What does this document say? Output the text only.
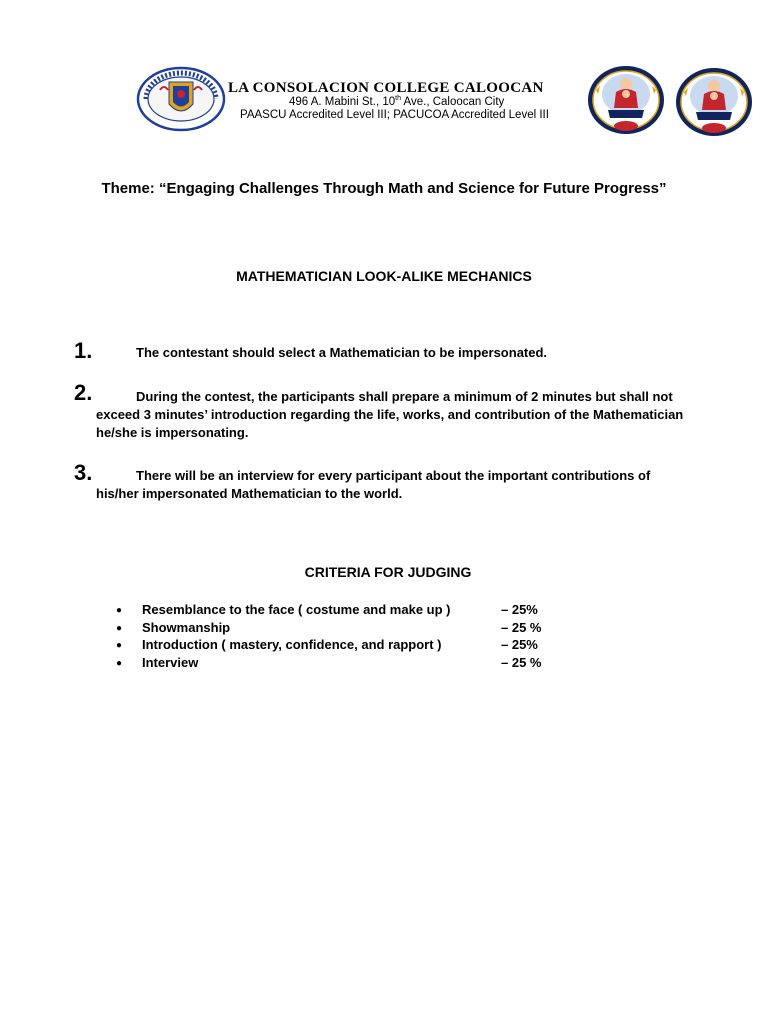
LA CONSOLACION COLLEGE CALOOCAN
496 A. Mabini St., 10th Ave., Caloocan City
PAASCU Accredited Level III; PACUCOA Accredited Level III
Theme: “Engaging Challenges Through Math and Science for Future Progress”
MATHEMATICIAN LOOK-ALIKE MECHANICS
1.	The contestant should select a Mathematician to be impersonated.
2.	During the contest, the participants shall prepare a minimum of 2 minutes but shall not exceed 3 minutes’ introduction regarding the life, works, and contribution of the Mathematician he/she is impersonating.
3.	There will be an interview for every participant about the important contributions of his/her impersonated Mathematician to the world.
CRITERIA FOR JUDGING
● Resemblance to the face ( costume and make up )	– 25%
● Showmanship	– 25 %
● Introduction ( mastery, confidence, and rapport )	– 25%
● Interview	– 25 %
